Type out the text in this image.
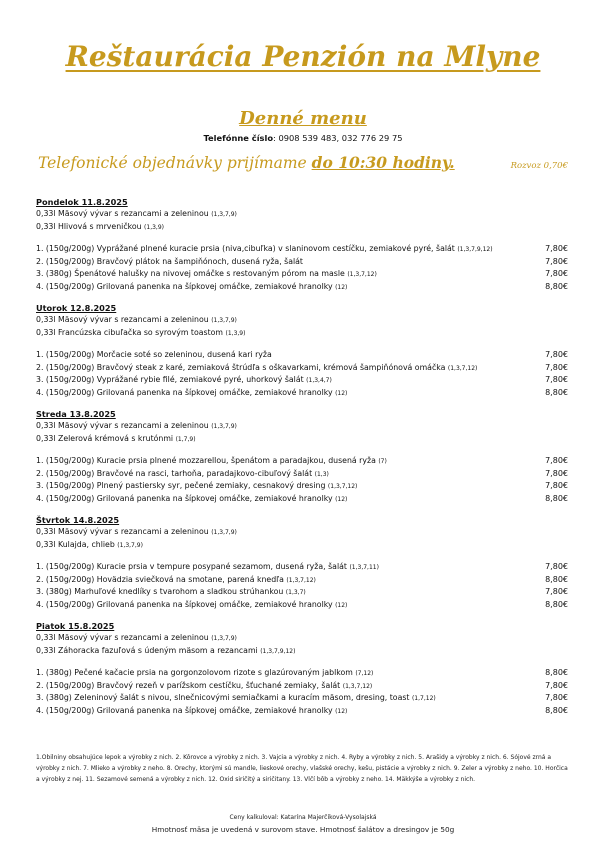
Reštaurácia Penzión na Mlyne
Denné menu
Telefónne číslo: 0908 539 483, 032 776 29 75
Telefonické objednávky prijímame do 10:30 hodiny.	Rozvoz 0,70€
Pondelok 11.8.2025
0,33l Mäsový vývar s rezancami a zeleninou (1,3,7,9)
0,33l Hlivová s mrveničkou (1,3,9)
1. (150g/200g) Vyprážané plnené kuracie prsia (niva,cibuľka) v slaninovom cestíčku, zemiakové pyré, šalát (1,3,7,9,12)	7,80€
2. (150g/200g) Bravčový plátok na šampiňónoch, dusená ryža, šalát	7,80€
3. (380g) Špenátové halušky na nivovej omáčke s restovaným pórom na masle (1,3,7,12)	7,80€
4. (150g/200g) Grilovaná panenka na šípkovej omáčke, zemiakové hranolky (12)	8,80€
Utorok 12.8.2025
0,33l Mäsový vývar s rezancami a zeleninou (1,3,7,9)
0,33l Francúzska cibuľačka so syrovým toastom (1,3,9)
1. (150g/200g) Morčacie soté so zeleninou, dusená kari ryža	7,80€
2. (150g/200g) Bravčový steak z karé, zemiaková štrúdľa s oškavarkami, krémová šampiňónová omáčka (1,3,7,12)	7,80€
3. (150g/200g) Vyprážané rybie filé, zemiakové pyré, uhorkový šalát (1,3,4,7)	7,80€
4. (150g/200g) Grilovaná panenka na šípkovej omáčke, zemiakové hranolky (12)	8,80€
Streda 13.8.2025
0,33l Mäsový vývar s rezancami a zeleninou (1,3,7,9)
0,33l Zelerová krémová s krutónmi (1,7,9)
1. (150g/200g) Kuracie prsia plnené mozzarellou, špenátom a paradajkou, dusená ryža (7)	7,80€
2. (150g/200g) Bravčové na rasci, tarhoňa, paradajkovo-cibuľový šalát (1,3)	7,80€
3. (150g/200g) Plnený pastiersky syr, pečené zemiaky, cesnakový dresing (1,3,7,12)	7,80€
4. (150g/200g) Grilovaná panenka na šípkovej omáčke, zemiakové hranolky (12)	8,80€
Štvrtok 14.8.2025
0,33l Mäsový vývar s rezancami a zeleninou (1,3,7,9)
0,33l Kulajda, chlieb (1,3,7,9)
1. (150g/200g) Kuracie prsia v tempure posypané sezamom, dusená ryža, šalát (1,3,7,11)	7,80€
2. (150g/200g) Hovädzia sviečková na smotane, parená knedľa (1,3,7,12)	8,80€
3. (380g) Marhuľové knedlíky s tvarohom a sladkou strúhankou (1,3,7)	7,80€
4. (150g/200g) Grilovaná panenka na šípkovej omáčke, zemiakové hranolky (12)	8,80€
Piatok 15.8.2025
0,33l Mäsový vývar s rezancami a zeleninou (1,3,7,9)
0,33l Záhoracka fazuľová s údeným mäsom a rezancami (1,3,7,9,12)
1. (380g) Pečené kačacie prsia na gorgonzolovom rizote s glazúrovaným jablkom (7,12)	8,80€
2. (150g/200g) Bravčový rezeň v parížskom cestíčku, šťuchané zemiaky, šalát (1,3,7,12)	7,80€
3. (380g) Zeleninový šalát s nivou, slnečnicovými semiačkami a kuracím mäsom, dresing, toast (1,7,12)	7,80€
4. (150g/200g) Grilovaná panenka na šípkovej omáčke, zemiakové hranolky (12)	8,80€
1.Obilniny obsahujúce lepok a výrobky z nich. 2. Kôrovce a výrobky z nich. 3. Vajcia a výrobky z nich. 4. Ryby a výrobky z nich. 5. Arašidy a výrobky z nich. 6. Sójové zrná a výrobky z nich. 7. Mlieko a výrobky z neho. 8. Orechy, ktorými sú mandle, lieskové orechy, vlašské orechy, kešu, pistácie a výrobky z nich. 9. Zeler a výrobky z neho. 10. Horčica a výrobky z nej. 11. Sezamové semená a výrobky z nich. 12. Oxid siričitý a siričitany. 13. Vlčí bôb a výrobky z neho. 14. Mäkkýše a výrobky z nich.
Ceny kalkuloval: Katarína Majerčíková-Vysolajská
Hmotnosť mäsa je uvedená v surovom stave. Hmotnosť šalátov a dresingov je 50g
